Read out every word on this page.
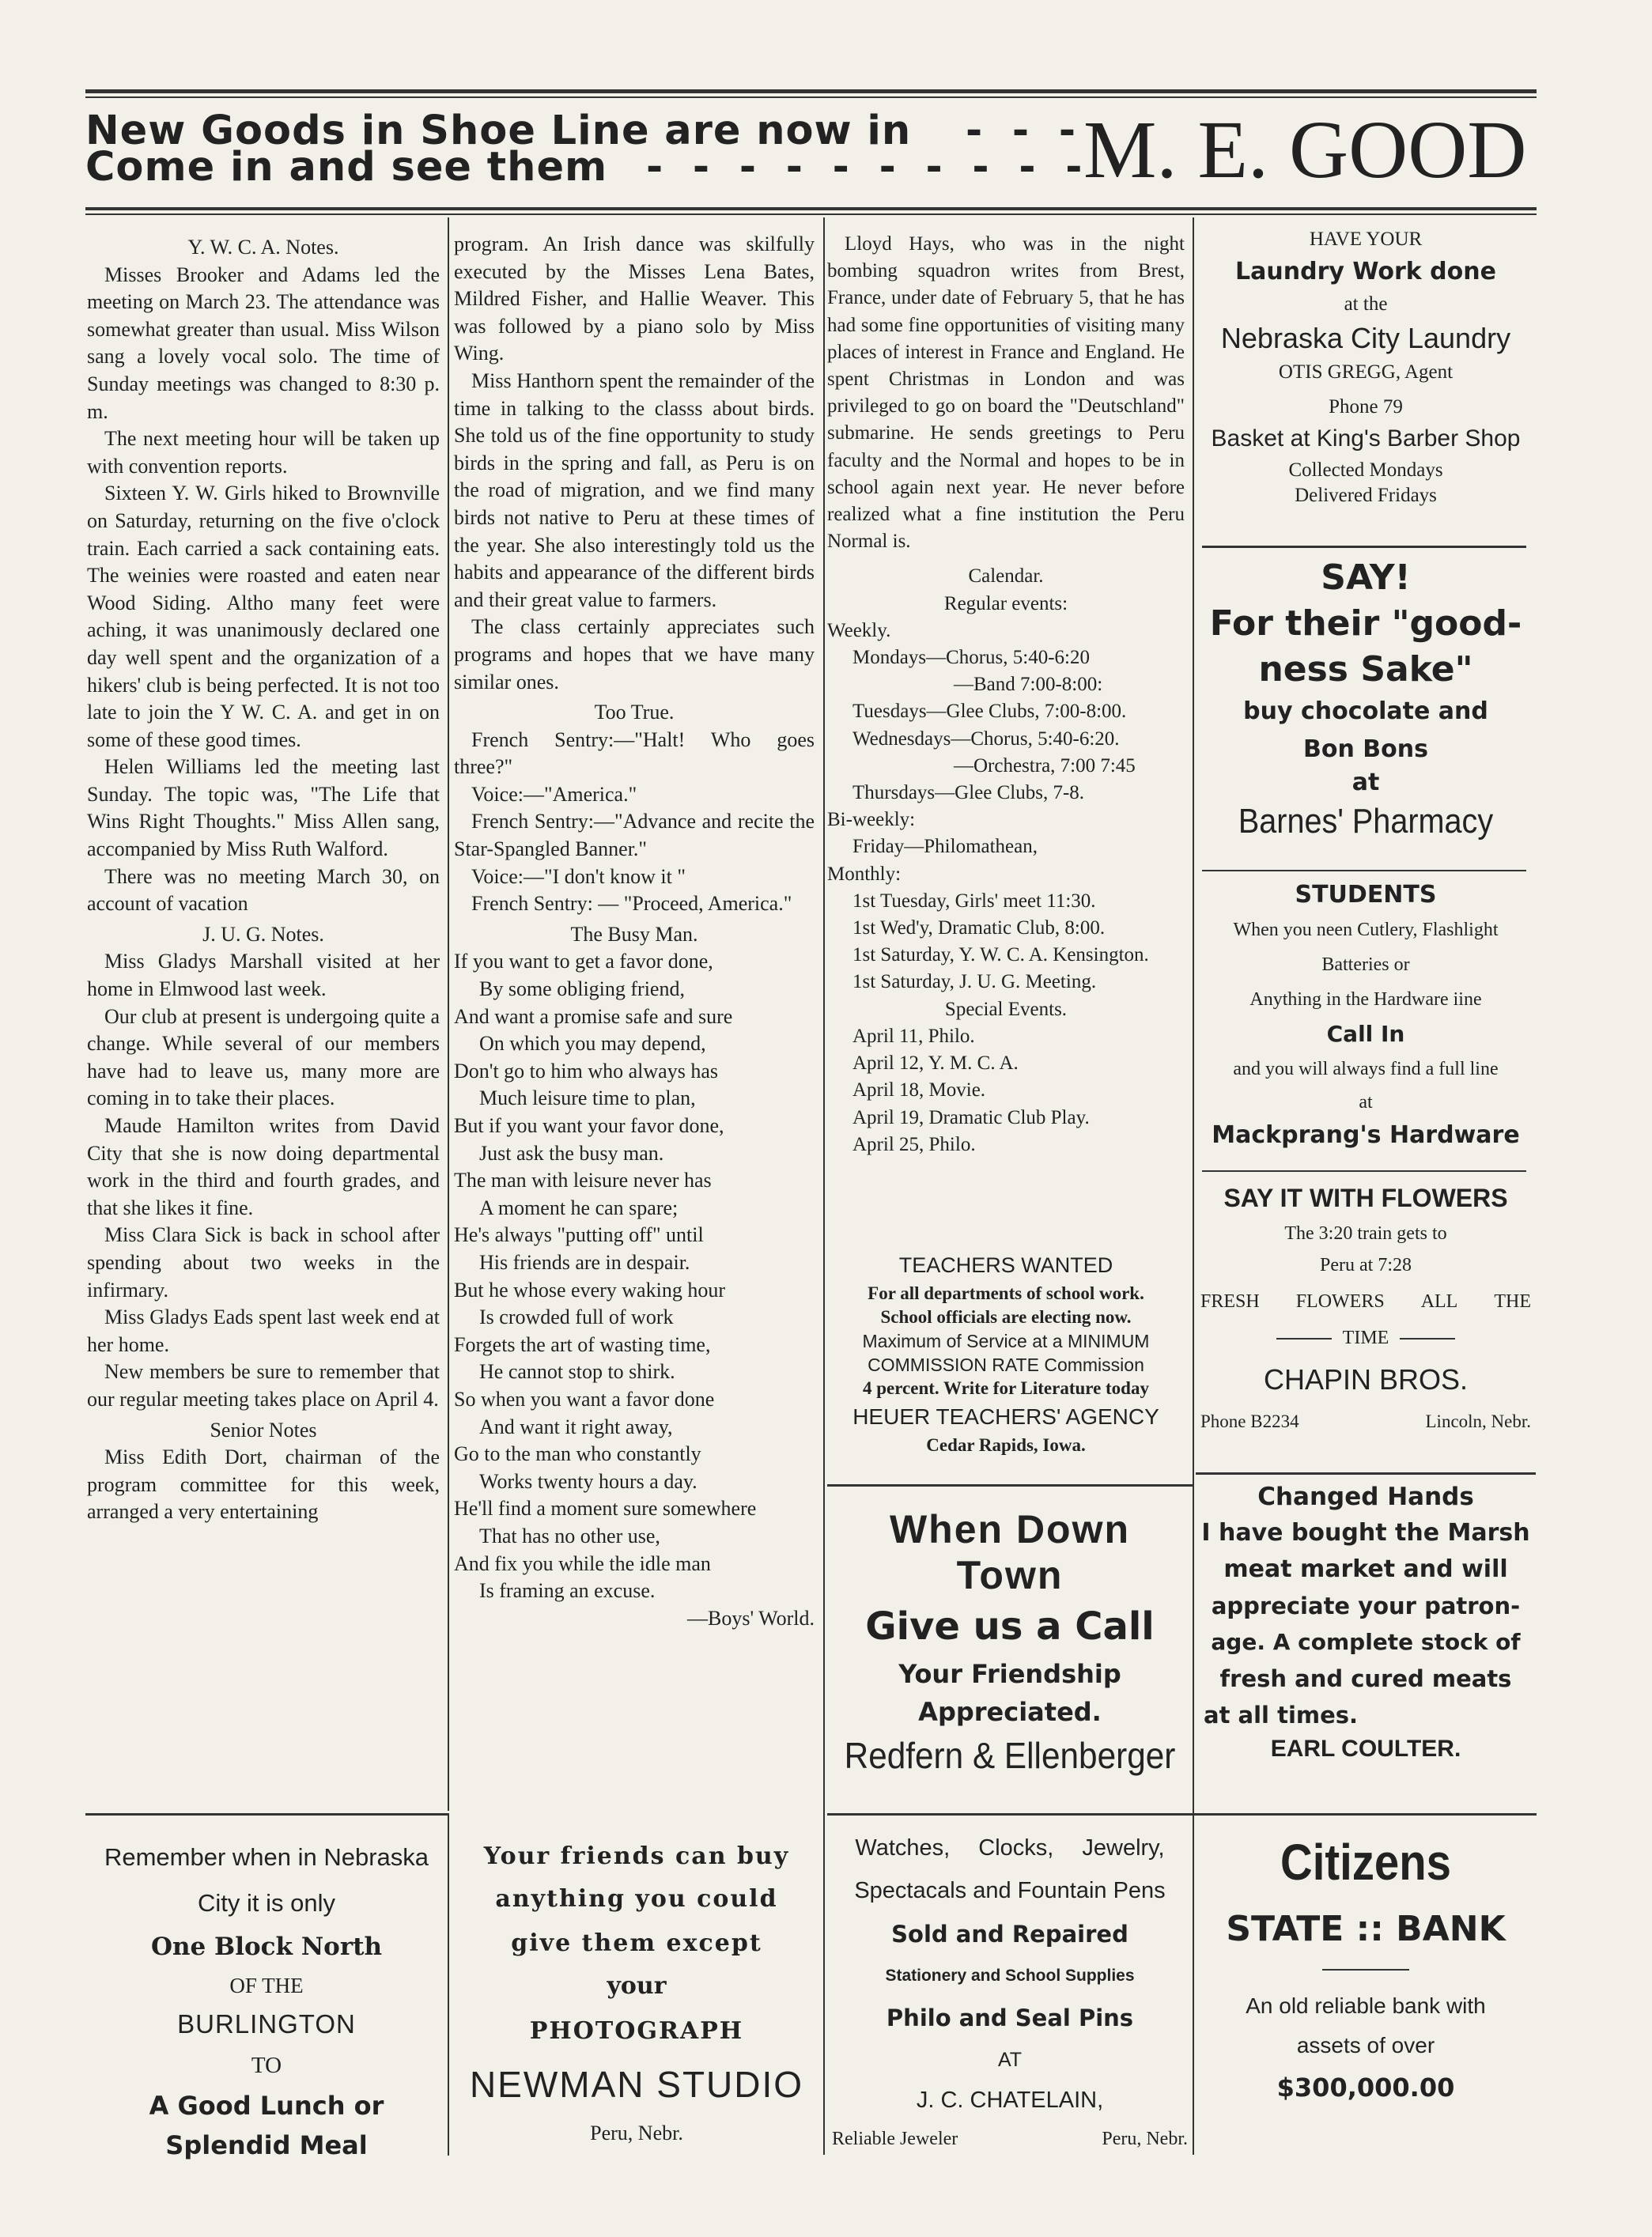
New Goods in Shoe Line are now in - - -
Come in and see them - - - - - - - - - -
M. E. GOOD

Y. W. C. A. Notes.

Misses Brooker and Adams led the meeting on March 23. The attendance was somewhat greater than usual. Miss Wilson sang a lovely vocal solo. The time of Sunday meetings was changed to 8:30 p. m.

The next meeting hour will be taken up with convention reports.

Sixteen Y. W. Girls hiked to Brownville on Saturday, returning on the five o'clock train. Each carried a sack containing eats. The weinies were roasted and eaten near Wood Siding. Altho many feet were aching, it was unanimously declared one day well spent and the organization of a hikers' club is being perfected. It is not too late to join the Y W. C. A. and get in on some of these good times.

Helen Williams led the meeting last Sunday. The topic was, "The Life that Wins Right Thoughts." Miss Allen sang, accompanied by Miss Ruth Walford.

There was no meeting March 30, on account of vacation

J. U. G. Notes.

Miss Gladys Marshall visited at her home in Elmwood last week.

Our club at present is undergoing quite a change. While several of our members have had to leave us, many more are coming in to take their places.

Maude Hamilton writes from David City that she is now doing departmental work in the third and fourth grades, and that she likes it fine.

Miss Clara Sick is back in school after spending about two weeks in the infirmary.

Miss Gladys Eads spent last week end at her home.

New members be sure to remember that our regular meeting takes place on April 4.

Senior Notes

Miss Edith Dort, chairman of the program committee for this week, arranged a very entertaining

program. An Irish dance was skilfully executed by the Misses Lena Bates, Mildred Fisher, and Hallie Weaver. This was followed by a piano solo by Miss Wing.

Miss Hanthorn spent the remainder of the time in talking to the classs about birds. She told us of the fine opportunity to study birds in the spring and fall, as Peru is on the road of migration, and we find many birds not native to Peru at these times of the year. She also interestingly told us the habits and appearance of the different birds and their great value to farmers.

The class certainly appreciates such programs and hopes that we have many similar ones.

Too True.

French Sentry:—"Halt! Who goes three?"

Voice:—"America."

French Sentry:—"Advance and recite the Star-Spangled Banner."

Voice:—"I don't know it "

French Sentry: — "Proceed, America."

The Busy Man.

If you want to get a favor done,

By some obliging friend,

And want a promise safe and sure

On which you may depend,

Don't go to him who always has

Much leisure time to plan,

But if you want your favor done,

Just ask the busy man.

The man with leisure never has

A moment he can spare;

He's always "putting off" until

His friends are in despair.

But he whose every waking hour

Is crowded full of work

Forgets the art of wasting time,

He cannot stop to shirk.

So when you want a favor done

And want it right away,

Go to the man who constantly

Works twenty hours a day.

He'll find a moment sure somewhere

That has no other use,

And fix you while the idle man

Is framing an excuse.

—Boys' World.

Lloyd Hays, who was in the night bombing squadron writes from Brest, France, under date of February 5, that he has had some fine opportunities of visiting many places of interest in France and England. He spent Christmas in London and was privileged to go on board the "Deutschland" submarine. He sends greetings to Peru faculty and the Normal and hopes to be in school again next year. He never before realized what a fine institution the Peru Normal is.

Calendar.

Regular events:

Weekly.

Mondays—Chorus, 5:40-6:20

—Band 7:00-8:00:

Tuesdays—Glee Clubs, 7:00-8:00.

Wednesdays—Chorus, 5:40-6:20.

—Orchestra, 7:00 7:45

Thursdays—Glee Clubs, 7-8.

Bi-weekly:

Friday—Philomathean,

Monthly:

1st Tuesday, Girls' meet 11:30.

1st Wed'y, Dramatic Club, 8:00.

1st Saturday, Y. W. C. A. Kensington.

1st Saturday, J. U. G. Meeting.

Special Events.

April 11, Philo.

April 12, Y. M. C. A.

April 18, Movie.

April 19, Dramatic Club Play.

April 25, Philo.

TEACHERS WANTED
For all departments of school work.
School officials are electing now.
Maximum of Service at a MINIMUM
COMMISSION RATE Commission
4 percent. Write for Literature today
HEUER TEACHERS' AGENCY
Cedar Rapids, Iowa.
When Down
Town
Give us a Call
Your Friendship
Appreciated.
Redfern & Ellenberger
HAVE YOUR
Laundry Work done
at the
Nebraska City Laundry
OTIS GREGG, Agent
Phone 79
Basket at King's Barber Shop
Collected Mondays
Delivered Fridays
SAY!
For their "good-
ness Sake"
buy chocolate and
Bon Bons
at
Barnes' Pharmacy
STUDENTS
When you neen Cutlery, Flashlight
Batteries or
Anything in the Hardware iine
Call In
and you will always find a full line
at
Mackprang's Hardware
SAY IT WITH FLOWERS
The 3:20 train gets to
Peru at 7:28
FRESH FLOWERS ALL THE
TIME
CHAPIN BROS.
Phone B2234	Lincoln, Nebr.
Changed Hands
I have bought the Marsh
meat market and will
appreciate your patron-
age. A complete stock of
fresh and cured meats
at all times.
EARL COULTER.
Remember when in Nebraska
City it is only
One Block North
OF THE
BURLINGTON
TO
A Good Lunch or
Splendid Meal
Your friends can buy
anything you could
give them except
your
PHOTOGRAPH
NEWMAN STUDIO
Peru, Nebr.
Watches, Clocks, Jewelry,
Spectacals and Fountain Pens
Sold and Repaired
Stationery and School Supplies
Philo and Seal Pins
AT
J. C. CHATELAIN,
Reliable Jeweler	Peru, Nebr.
Citizens
STATE :: BANK
An old reliable bank with
assets of over
$300,000.00
